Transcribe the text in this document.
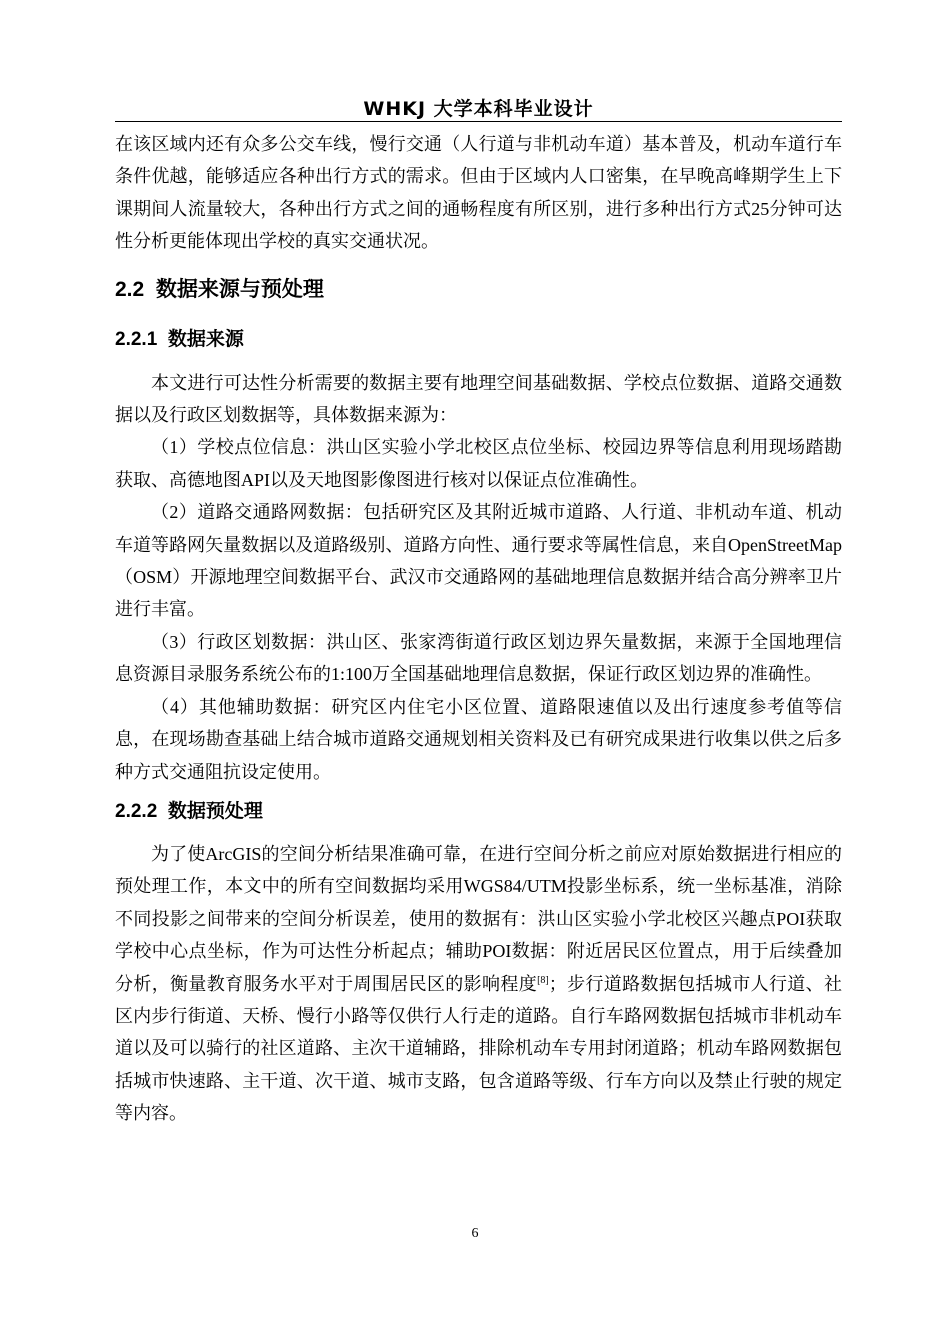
WHKJ 大学本科毕业设计

在该区域内还有众多公交车线，慢行交通（人行道与非机动车道）基本普及，机动车道行车条件优越，能够适应各种出行方式的需求。但由于区域内人口密集，在早晚高峰期学生上下课期间人流量较大，各种出行方式之间的通畅程度有所区别，进行多种出行方式25分钟可达性分析更能体现出学校的真实交通状况。

2.2 数据来源与预处理
2.2.1 数据来源

本文进行可达性分析需要的数据主要有地理空间基础数据、学校点位数据、道路交通数据以及行政区划数据等，具体数据来源为：

（1）学校点位信息：洪山区实验小学北校区点位坐标、校园边界等信息利用现场踏勘获取、高德地图API以及天地图影像图进行核对以保证点位准确性。

（2）道路交通路网数据：包括研究区及其附近城市道路、人行道、非机动车道、机动车道等路网矢量数据以及道路级别、道路方向性、通行要求等属性信息，来自OpenStreetMap（OSM）开源地理空间数据平台、武汉市交通路网的基础地理信息数据并结合高分辨率卫片进行丰富。

（3）行政区划数据：洪山区、张家湾街道行政区划边界矢量数据，来源于全国地理信息资源目录服务系统公布的1:100万全国基础地理信息数据，保证行政区划边界的准确性。

（4）其他辅助数据：研究区内住宅小区位置、道路限速值以及出行速度参考值等信息，在现场勘查基础上结合城市道路交通规划相关资料及已有研究成果进行收集以供之后多种方式交通阻抗设定使用。

2.2.2 数据预处理

为了使ArcGIS的空间分析结果准确可靠，在进行空间分析之前应对原始数据进行相应的预处理工作，本文中的所有空间数据均采用WGS84/UTM投影坐标系，统一坐标基准，消除不同投影之间带来的空间分析误差，使用的数据有：洪山区实验小学北校区兴趣点POI获取学校中心点坐标，作为可达性分析起点；辅助POI数据：附近居民区位置点，用于后续叠加分析，衡量教育服务水平对于周围居民区的影响程度[8]；步行道路数据包括城市人行道、社区内步行街道、天桥、慢行小路等仅供行人行走的道路。自行车路网数据包括城市非机动车道以及可以骑行的社区道路、主次干道辅路，排除机动车专用封闭道路；机动车路网数据包括城市快速路、主干道、次干道、城市支路，包含道路等级、行车方向以及禁止行驶的规定等内容。

6
